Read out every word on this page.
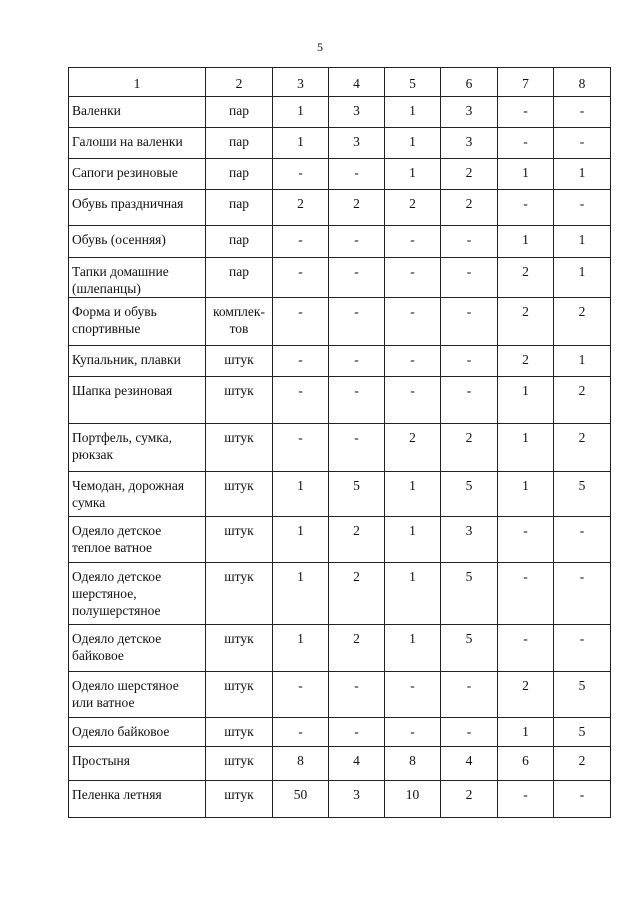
5
1	2	3	4	5	6	7	8
Валенки	пар	1	3	1	3	-	-
Галоши на валенки	пар	1	3	1	3	-	-
Сапоги резиновые	пар	-	-	1	2	1	1
Обувь праздничная	пар	2	2	2	2	-	-
Обувь (осенняя)	пар	-	-	-	-	1	1
Тапки домашние (шлепанцы)	пар	-	-	-	-	2	1
Форма и обувь спортивные	комплек-тов	-	-	-	-	2	2
Купальник, плавки	штук	-	-	-	-	2	1
Шапка резиновая	штук	-	-	-	-	1	2
Портфель, сумка, рюкзак	штук	-	-	2	2	1	2
Чемодан, дорожная сумка	штук	1	5	1	5	1	5
Одеяло детское теплое ватное	штук	1	2	1	3	-	-
Одеяло детское шерстяное, полушерстяное	штук	1	2	1	5	-	-
Одеяло детское байковое	штук	1	2	1	5	-	-
Одеяло шерстяное или ватное	штук	-	-	-	-	2	5
Одеяло байковое	штук	-	-	-	-	1	5
Простыня	штук	8	4	8	4	6	2
Пеленка летняя	штук	50	3	10	2	-	-
